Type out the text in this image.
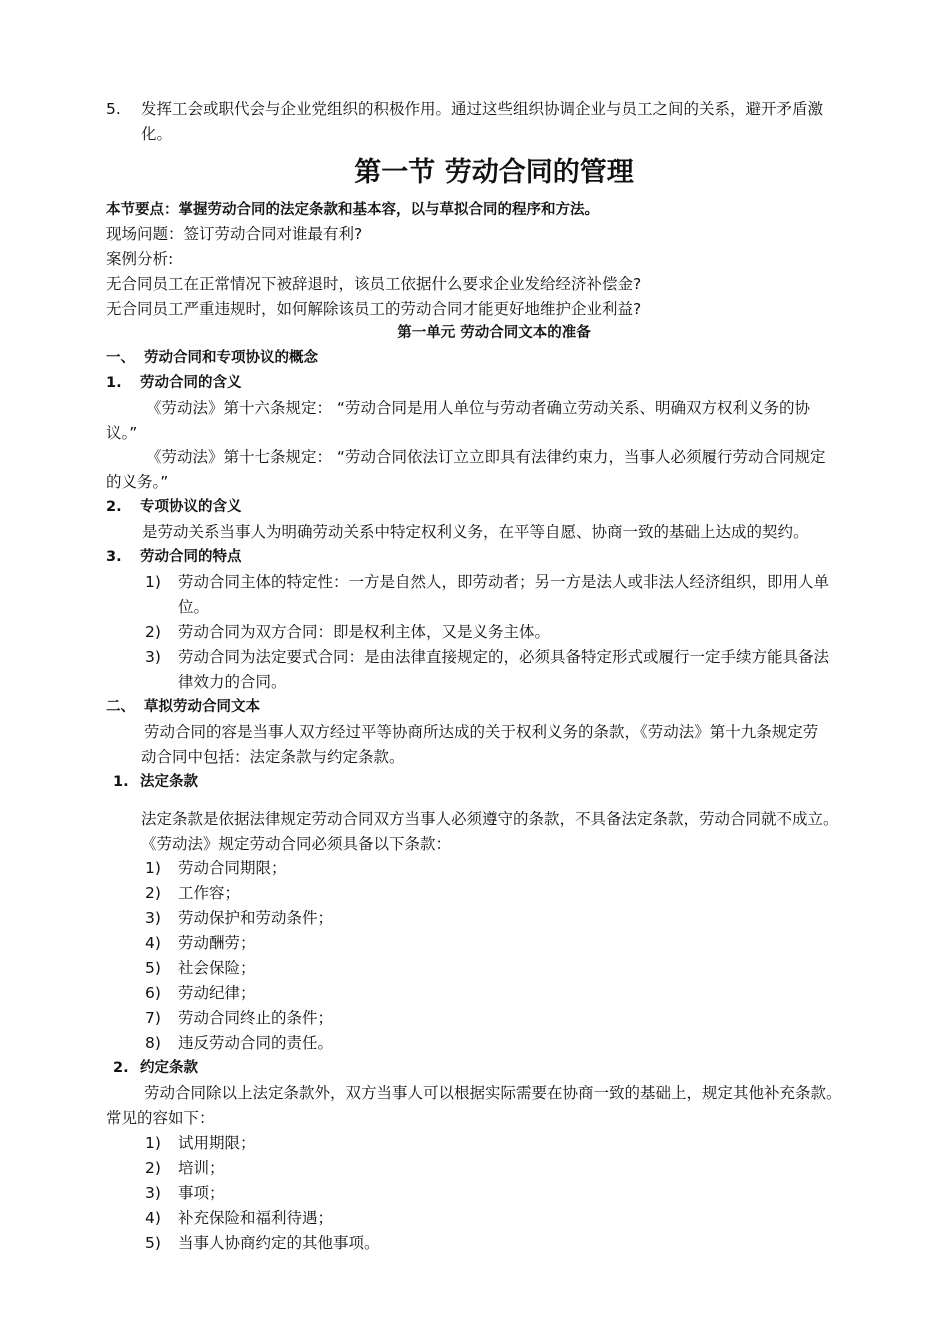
5. 发挥工会或职代会与企业党组织的积极作用。通过这些组织协调企业与员工之间的关系，避开矛盾激
化。
第一节 劳动合同的管理
本节要点：掌握劳动合同的法定条款和基本容，以与草拟合同的程序和方法。
现场问题：签订劳动合同对谁最有利?
案例分析:
无合同员工在正常情况下被辞退时，该员工依据什么要求企业发给经济补偿金?
无合同员工严重违规时，如何解除该员工的劳动合同才能更好地维护企业利益?
第一单元 劳动合同文本的准备
一、 劳动合同和专项协议的概念
1. 劳动合同的含义
《劳动法》第十六条规定： “劳动合同是用人单位与劳动者确立劳动关系、明确双方权利义务的协
议。”
《劳动法》第十七条规定： “劳动合同依法订立立即具有法律约束力，当事人必须履行劳动合同规定
的义务。”
2. 专项协议的含义
是劳动关系当事人为明确劳动关系中特定权利义务，在平等自愿、协商一致的基础上达成的契约。
3. 劳动合同的特点
1) 劳动合同主体的特定性：一方是自然人，即劳动者；另一方是法人或非法人经济组织，即用人单
位。
2) 劳动合同为双方合同：即是权利主体，又是义务主体。
3) 劳动合同为法定要式合同：是由法律直接规定的，必须具备特定形式或履行一定手续方能具备法
律效力的合同。
二、 草拟劳动合同文本
劳动合同的容是当事人双方经过平等协商所达成的关于权利义务的条款，《劳动法》第十九条规定劳
动合同中包括：法定条款与约定条款。
1. 法定条款
法定条款是依据法律规定劳动合同双方当事人必须遵守的条款，不具备法定条款，劳动合同就不成立。
《劳动法》规定劳动合同必须具备以下条款：
1) 劳动合同期限；
2) 工作容；
3) 劳动保护和劳动条件；
4) 劳动酬劳；
5) 社会保险；
6) 劳动纪律；
7) 劳动合同终止的条件；
8) 违反劳动合同的责任。
2. 约定条款
劳动合同除以上法定条款外，双方当事人可以根据实际需要在协商一致的基础上，规定其他补充条款。
常见的容如下：
1) 试用期限；
2) 培训；
3) 事项；
4) 补充保险和福利待遇；
5) 当事人协商约定的其他事项。
